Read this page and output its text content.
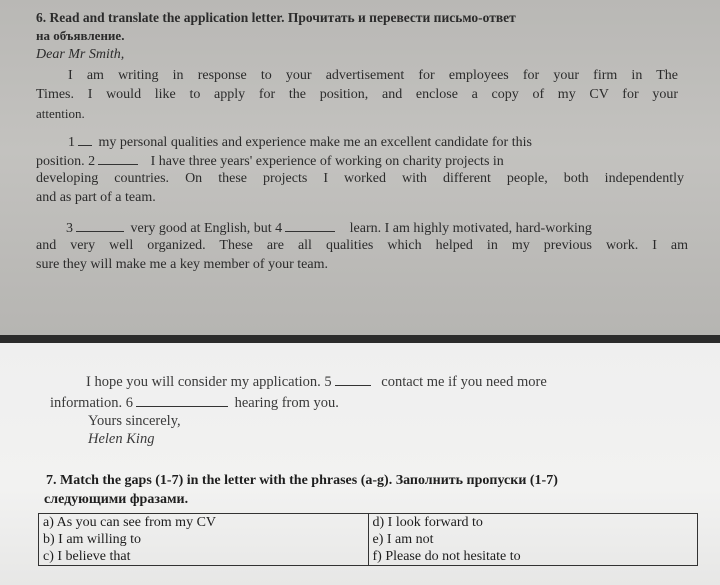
6. Read and translate the application letter. Прочитать и перевести письмо-ответ
на объявление.
Dear Mr Smith,
I am writing in response to your advertisement for employees for your firm in The
Times. I would like to apply for the position, and enclose a copy of my CV for your
attention.
1 my personal qualities and experience make me an excellent candidate for this
position. 2	I have three years' experience of working on charity projects in
developing countries. On these projects I worked with different people, both independently
and as part of a team.
3	very good at English, but 4	learn. I am highly motivated, hard-working
and very well organized. These are all qualities which helped in my previous work. I am
sure they will make me a key member of your team.
I hope you will consider my application. 5	contact me if you need more
information. 6	hearing from you.
Yours sincerely,
Helen King
7. Match the gaps (1-7) in the letter with the phrases (a-g). Заполнить пропуски (1-7)
следующими фразами.
a) As you can see from my CV	d) I look forward to
b) I am willing to	e) I am not
c) I believe that	f) Please do not hesitate to
